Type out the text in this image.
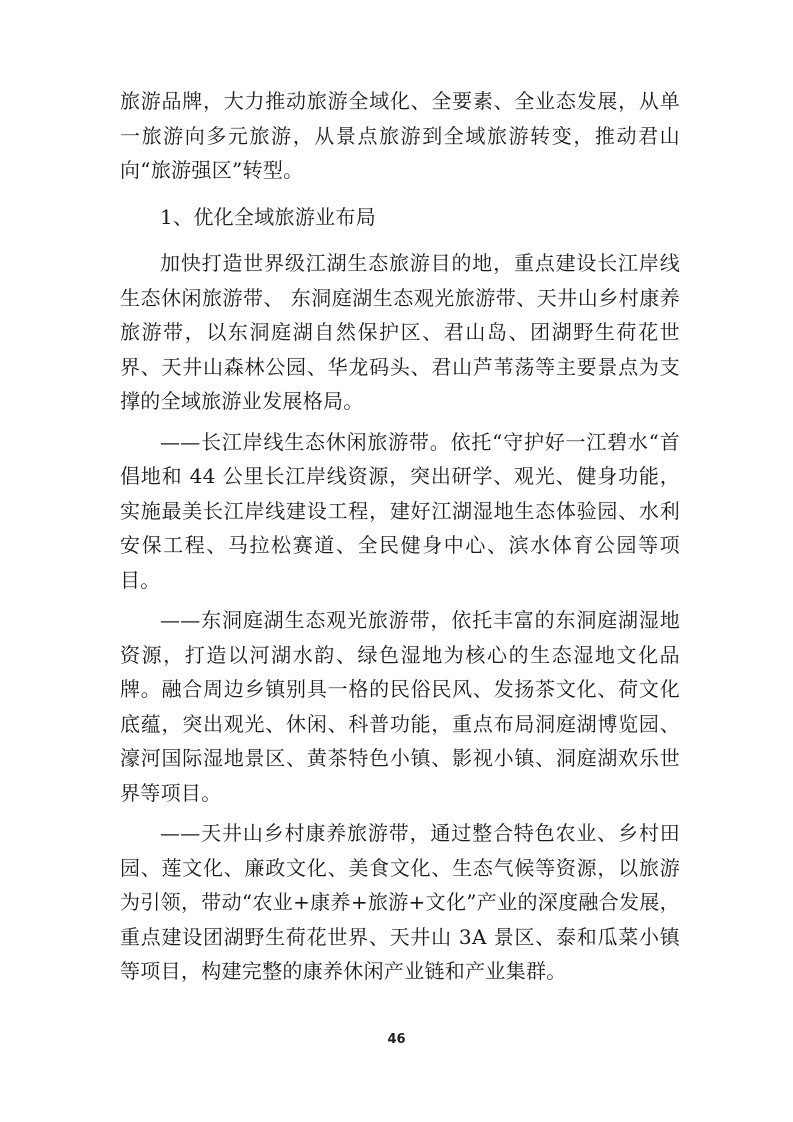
旅游品牌，大力推动旅游全域化、全要素、全业态发展，从单一旅游向多元旅游，从景点旅游到全域旅游转变，推动君山向“旅游强区”转型。

1、优化全域旅游业布局

加快打造世界级江湖生态旅游目的地，重点建设长江岸线生态休闲旅游带、 东洞庭湖生态观光旅游带、天井山乡村康养旅游带，以东洞庭湖自然保护区、君山岛、团湖野生荷花世界、天井山森林公园、华龙码头、君山芦苇荡等主要景点为支撑的全域旅游业发展格局。

——长江岸线生态休闲旅游带。依托“守护好一江碧水“首倡地和 44 公里长江岸线资源，突出研学、观光、健身功能，实施最美长江岸线建设工程，建好江湖湿地生态体验园、水利安保工程、马拉松赛道、全民健身中心、滨水体育公园等项目。

——东洞庭湖生态观光旅游带，依托丰富的东洞庭湖湿地资源，打造以河湖水韵、绿色湿地为核心的生态湿地文化品牌。融合周边乡镇别具一格的民俗民风、发扬茶文化、荷文化底蕴，突出观光、休闲、科普功能，重点布局洞庭湖博览园、濠河国际湿地景区、黄茶特色小镇、影视小镇、洞庭湖欢乐世界等项目。

——天井山乡村康养旅游带，通过整合特色农业、乡村田园、莲文化、廉政文化、美食文化、生态气候等资源，以旅游为引领，带动“农业+康养+旅游+文化”产业的深度融合发展，重点建设团湖野生荷花世界、天井山 3A 景区、泰和瓜菜小镇等项目，构建完整的康养休闲产业链和产业集群。

46
